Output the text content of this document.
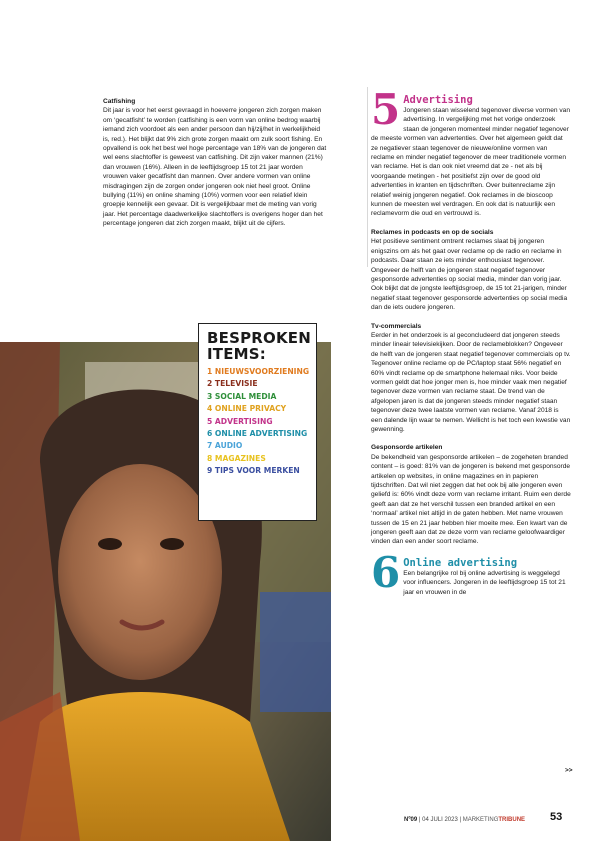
Catfishing

Dit jaar is voor het eerst gevraagd in hoeverre jongeren zich zorgen maken om ‘gecatfisht’ te worden (catfishing is een vorm van online bedrog waarbij iemand zich voordoet als een ander persoon dan hij/zij/het in werkelijkheid is, red.). Het blijkt dat 9% zich grote zorgen maakt om zulk soort fishing. En opvallend is ook het best wel hoge percentage van 18% van de jongeren dat wel eens slachtoffer is geweest van catfishing. Dit zijn vaker mannen (21%) dan vrouwen (16%). Alleen in de leeftijdsgroep 15 tot 21 jaar worden vrouwen vaker gecatfisht dan mannen. Over andere vormen van online misdragingen zijn de zorgen onder jongeren ook niet heel groot. Online bullying (11%) en online shaming (10%) vormen voor een relatief klein groepje kennelijk een gevaar. Dit is vergelijkbaar met de meting van vorig jaar. Het percentage daadwerkelijke slachtoffers is overigens hoger dan het percentage jongeren dat zich zorgen maakt, blijkt uit de cijfers.

BESPROKEN
ITEMS:
1 NIEUWSVOORZIENING
2 TELEVISIE
3 SOCIAL MEDIA
4 ONLINE PRIVACY
5 ADVERTISING
6 ONLINE ADVERTISING
7 AUDIO
8 MAGAZINES
9 TIPS VOOR MERKEN
5 Advertising

Jongeren staan wisselend tegenover diverse vormen van advertising. In vergelijking met het vorige onderzoek staan de jongeren momenteel minder negatief tegenover de meeste vormen van advertenties. Over het algemeen geldt dat ze negatiever staan tegenover de nieuwe/online vormen van reclame en minder negatief tegenover de meer traditionele vormen van reclame. Het is dan ook niet vreemd dat ze - net als bij voorgaande metingen - het positiefst zijn over de good old advertenties in kranten en tijdschriften. Over buitenreclame zijn relatief weinig jongeren negatief. Ook reclames in de bioscoop kunnen de meesten wel verdragen. En ook dat is natuurlijk een reclamevorm die oud en vertrouwd is.

Reclames in podcasts en op de socials

Het positieve sentiment omtrent reclames slaat bij jongeren enigszins om als het gaat over reclame op de radio en reclame in podcasts. Daar staan ze iets minder enthousiast tegenover. Ongeveer de helft van de jongeren staat negatief tegenover gesponsorde advertenties op social media, minder dan vorig jaar. Ook blijkt dat de jongste leeftijdsgroep, de 15 tot 21-jarigen, minder negatief staat tegenover gesponsorde advertenties op social media dan de iets oudere jongeren.

Tv-commercials

Eerder in het onderzoek is al geconcludeerd dat jongeren steeds minder lineair televisiekijken. Door de reclameblokken? Ongeveer de helft van de jongeren staat negatief tegenover commercials op tv. Tegenover online reclame op de PC/laptop staat 56% negatief en 60% vindt reclame op de smartphone helemaal niks. Voor beide vormen geldt dat hoe jonger men is, hoe minder vaak men negatief tegenover deze vormen van reclame staat. De trend van de afgelopen jaren is dat de jongeren steeds minder negatief staan tegenover deze twee laatste vormen van reclame. Vanaf 2018 is een dalende lijn waar te nemen. Wellicht is het toch een kwestie van gewenning.

Gesponsorde artikelen

De bekendheid van gesponsorde artikelen – de zogeheten branded content – is goed: 81% van de jongeren is bekend met gesponsorde artikelen op websites, in online magazines en in papieren tijdschriften. Dat wil niet zeggen dat het ook bij alle jongeren even geliefd is: 60% vindt deze vorm van reclame irritant. Ruim een derde geeft aan dat ze het verschil tussen een branded artikel en een ‘normaal’ artikel niet altijd in de gaten hebben. Met name vrouwen tussen de 15 en 21 jaar hebben hier moeite mee. Een kwart van de jongeren geeft aan dat ze deze vorm van reclame geloofwaardiger vinden dan een ander soort reclame.

6 Online advertising

Een belangrijke rol bij online advertising is weggelegd voor influencers. Jongeren in de leeftijdsgroep 15 tot 21 jaar en vrouwen in de

>>
Nº09 | 04 JULI 2023 | MARKETINGTRIBUNE	53
